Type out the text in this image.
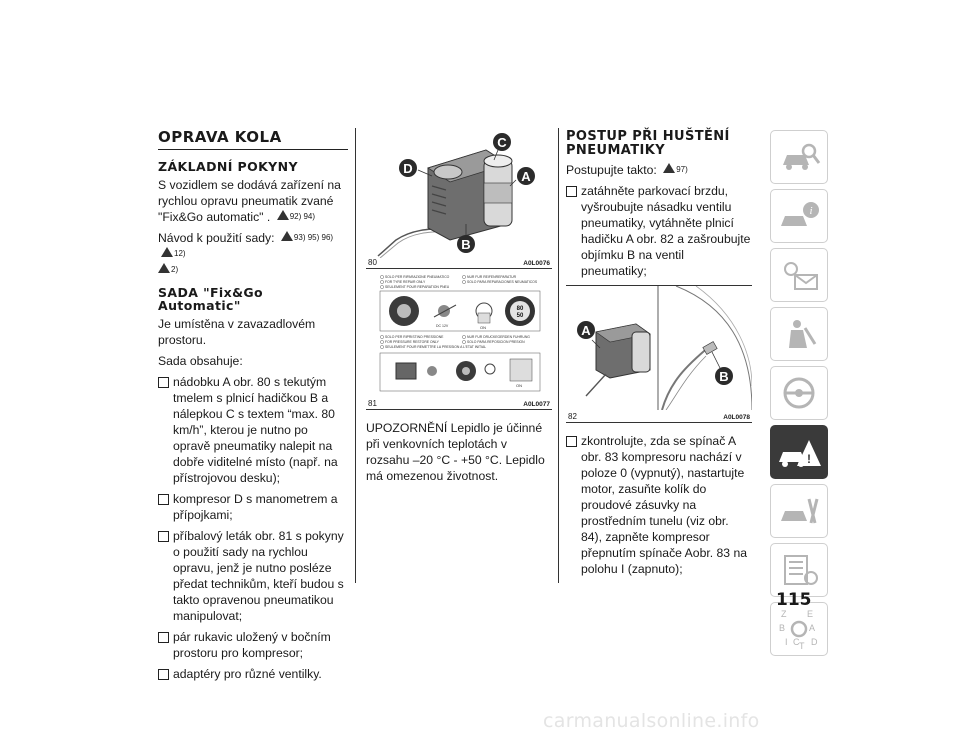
OPRAVA KOLA
ZÁKLADNÍ POKYNY

S vozidlem se dodává zařízení na rychlou opravu pneumatik zvané "Fix&Go automatic" . 92) 94)

Návod k použití sady: 93) 95) 96) 12)
2)

SADA "Fix&Go
Automatic"

Je umístěna v zavazadlovém prostoru.

Sada obsahuje:

nádobku A obr. 80 s tekutým tmelem s plnicí hadičkou B a nálepkou C s textem “max. 80 km/h”, kterou je nutno po opravě pneumatiky nalepit na dobře viditelné místo (např. na přístrojovou desku);
kompresor D s manometrem a přípojkami;
příbalový leták obr. 81 s pokyny o použití sady na rychlou opravu, jenž je nutno posléze předat technikům, kteří budou s takto opravenou pneumatikou manipulovat;
pár rukavic uložený v bočním prostoru pro kompresor;
adaptéry pro různé ventilky.
C
D
A
B
80	A0L0076
SOLO PER RIPARAZIONE PNEUMATICO
FOR TYRE REPAIR ONLY
SEULEMENT POUR REPARATION PNEU
NUR FUR REIFENREPARATUR
SOLO PARA REPARACIONES NEUMATICOS
DC 12V	ON
80
50
SOLO PER RIPRISTINO PRESSIONE
FOR PRESSURE RESTORE ONLY
SEULEMENT POUR REMETTRE LA PRESSION A L'ETAT INITIAL
NUR FUR DRUCKEGERDEN FUHRUNG
SOLO PARA REPOSICION PRESION
ON
81	A0L0077

UPOZORNĚNÍ Lepidlo je účinné při venkovních teplotách v rozsahu –20 °C - +50 °C. Lepidlo má omezenou životnost.

POSTUP PŘI HUŠTĚNÍ
PNEUMATIKY

Postupujte takto: 97)

zatáhněte parkovací brzdu, vyšroubujte násadku ventilu pneumatiky, vytáhněte plnicí hadičku A obr. 82 a zašroubujte objímku B na ventil pneumatiky;
A
B
82	A0L0078
zkontrolujte, zda se spínač A obr. 83 kompresoru nachází v poloze 0 (vypnutý), nastartujte motor, zasuňte kolík do proudové zásuvky na prostředním tunelu (viz obr. 84), zapněte kompresor přepnutím spínače Aobr. 83 na polohu I (zapnuto);
i
!
Z E
B	A
I C T D
115
carmanualsonline.info
